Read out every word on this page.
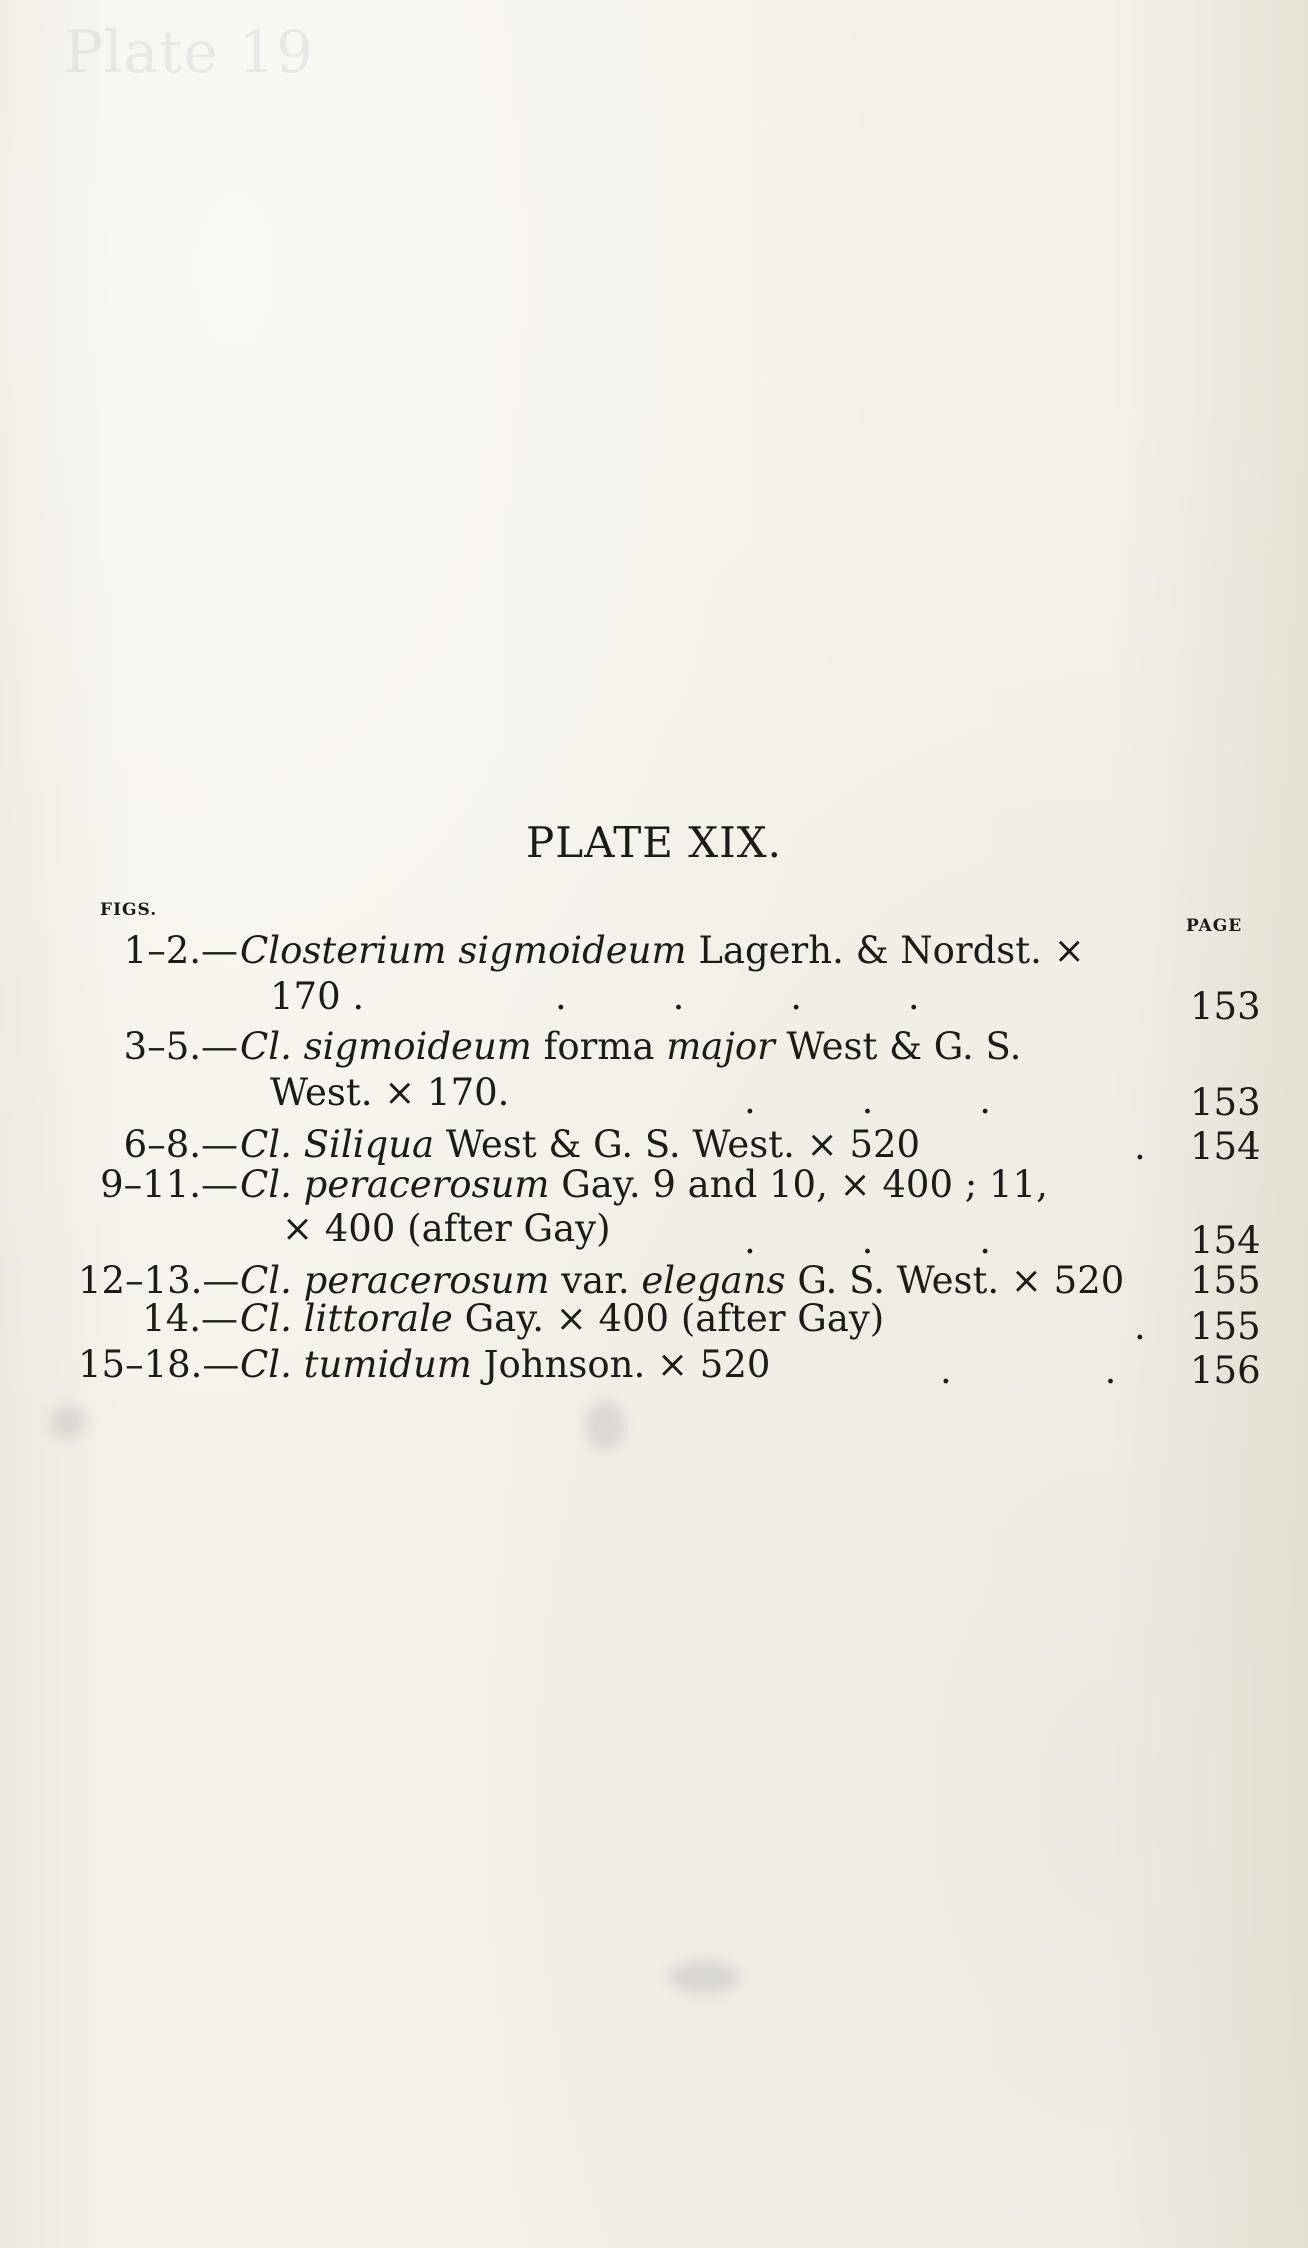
Plate 19
PLATE XIX.
FIGS.
PAGE
1–2.— Closterium sigmoideum Lagerh. & Nordst. ×
170 .	.         .         .         .	153
3–5.— Cl. sigmoideum forma major West & G. S.
West. × 170.	.         .         .	153
6–8.— Cl. Siliqua West & G. S. West. × 520	. 154
9–11.— Cl. peracerosum Gay. 9 and 10, × 400 ; 11,
× 400 (after Gay)	.         .         .	154
12–13.— Cl. peracerosum var. elegans G. S. West. × 520 155
14.— Cl. littorale Gay. × 400 (after Gay)	. 155
15–18.— Cl. tumidum Johnson. × 520	.             . 156
